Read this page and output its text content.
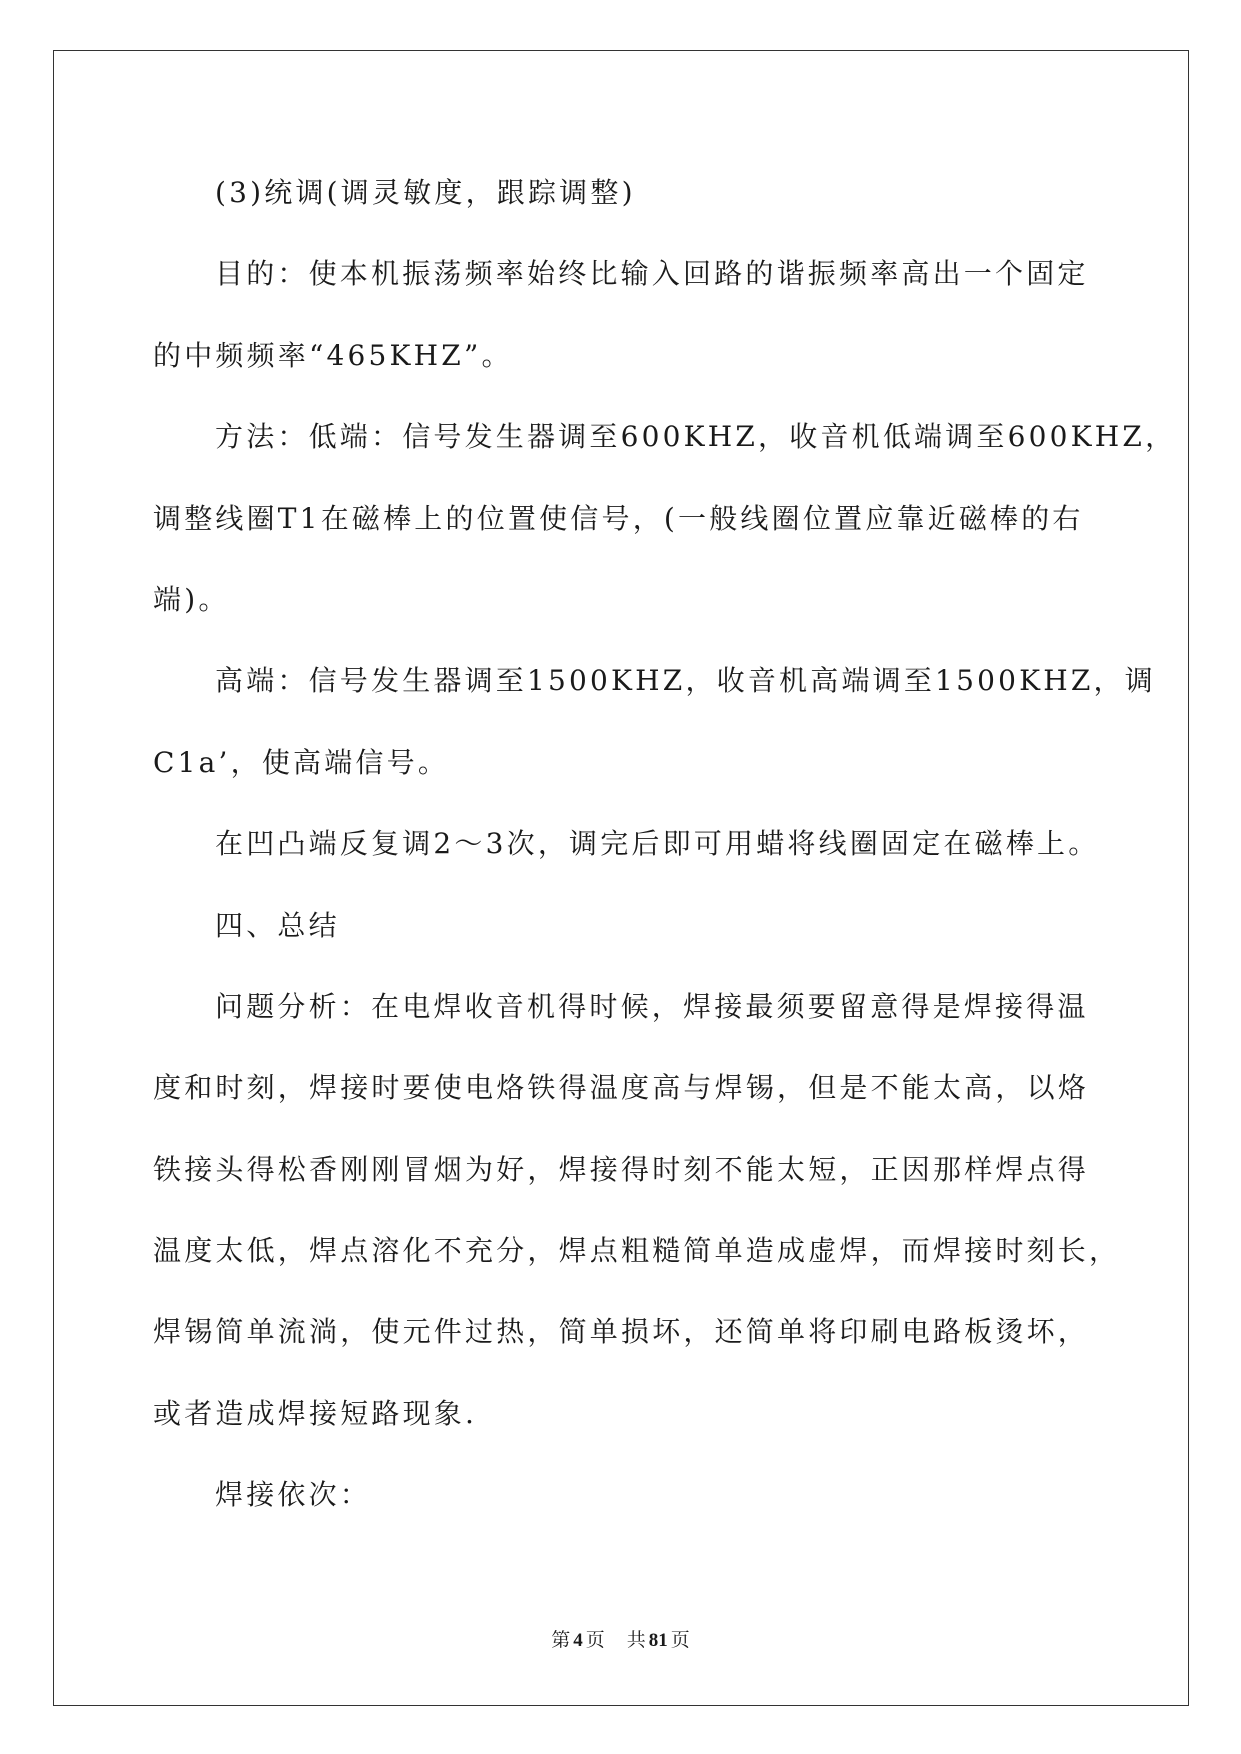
(3)统调(调灵敏度，跟踪调整)
目的：使本机振荡频率始终比输入回路的谐振频率高出一个固定
的中频频率“465KHZ”。
方法：低端：信号发生器调至600KHZ，收音机低端调至600KHZ，
调整线圈T1在磁棒上的位置使信号，(一般线圈位置应靠近磁棒的右
端)。
高端：信号发生器调至1500KHZ，收音机高端调至1500KHZ，调
C1a’，使高端信号。
在凹凸端反复调2～3次，调完后即可用蜡将线圈固定在磁棒上。
四、总结
问题分析：在电焊收音机得时候，焊接最须要留意得是焊接得温
度和时刻，焊接时要使电烙铁得温度高与焊锡，但是不能太高，以烙
铁接头得松香刚刚冒烟为好，焊接得时刻不能太短，正因那样焊点得
温度太低，焊点溶化不充分，焊点粗糙简单造成虚焊，而焊接时刻长，
焊锡简单流淌，使元件过热，简单损坏，还简单将印刷电路板烫坏，
或者造成焊接短路现象.
焊接依次：
第 4 页 共 81 页
